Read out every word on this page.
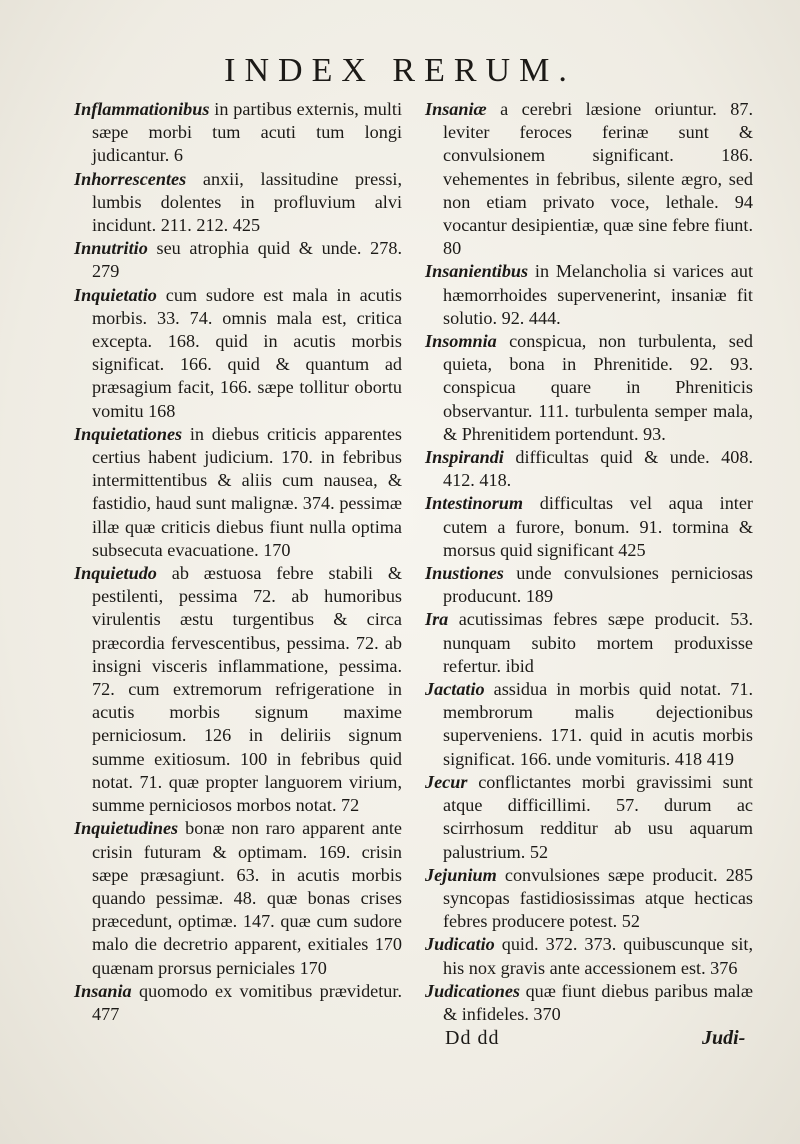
INDEX RERUM.

Inflammationibus in partibus externis, multi sæpe morbi tum acuti tum longi judicantur. 6

Inhorrescentes anxii, lassitudine pressi, lumbis dolentes in profluvium alvi incidunt. 211. 212. 425

Innutritio seu atrophia quid & unde. 278. 279

Inquietatio cum sudore est mala in acutis morbis. 33. 74. omnis mala est, critica excepta. 168. quid in acutis morbis significat. 166. quid & quantum ad præsagium facit, 166. sæpe tollitur obortu vomitu 168

Inquietationes in diebus criticis apparentes certius habent judicium. 170. in febribus intermittentibus & aliis cum nausea, & fastidio, haud sunt malignæ. 374. pessimæ illæ quæ criticis diebus fiunt nulla optima subsecuta evacuatione. 170

Inquietudo ab æstuosa febre stabili & pestilenti, pessima 72. ab humoribus virulentis æstu turgentibus & circa præcordia fervescentibus, pessima. 72. ab insigni visceris inflammatione, pessima. 72. cum extremorum refrigeratione in acutis morbis signum maxime perniciosum. 126 in deliriis signum summe exitiosum. 100 in febribus quid notat. 71. quæ propter languorem virium, summe perniciosos morbos notat. 72

Inquietudines bonæ non raro apparent ante crisin futuram & optimam. 169. crisin sæpe præsagiunt. 63. in acutis morbis quando pessimæ. 48. quæ bonas crises præcedunt, optimæ. 147. quæ cum sudore malo die decretrio apparent, exitiales 170 quænam prorsus perniciales 170

Insania quomodo ex vomitibus prævidetur. 477

Insaniæ a cerebri læsione oriuntur. 87. leviter feroces ferinæ sunt & convulsionem significant. 186. vehementes in febribus, silente ægro, sed non etiam privato voce, lethale. 94 vocantur desipientiæ, quæ sine febre fiunt. 80

Insanientibus in Melancholia si varices aut hæmorrhoides supervenerint, insaniæ fit solutio. 92. 444.

Insomnia conspicua, non turbulenta, sed quieta, bona in Phrenitide. 92. 93. conspicua quare in Phreniticis observantur. 111. turbulenta semper mala, & Phrenitidem portendunt. 93.

Inspirandi difficultas quid & unde. 408. 412. 418.

Intestinorum difficultas vel aqua inter cutem a furore, bonum. 91. tormina & morsus quid significant 425

Inustiones unde convulsiones perniciosas producunt. 189

Ira acutissimas febres sæpe producit. 53. nunquam subito mortem produxisse refertur. ibid

Jactatio assidua in morbis quid notat. 71. membrorum malis dejectionibus superveniens. 171. quid in acutis morbis significat. 166. unde vomituris. 418 419

Jecur conflictantes morbi gravissimi sunt atque difficillimi. 57. durum ac scirrhosum redditur ab usu aquarum palustrium. 52

Jejunium convulsiones sæpe producit. 285 syncopas fastidiosissimas atque hecticas febres producere potest. 52

Judicatio quid. 372. 373. quibuscunque sit, his nox gravis ante accessionem est. 376

Judicationes quæ fiunt diebus paribus malæ & infideles. 370

Dd dd	Judi-
